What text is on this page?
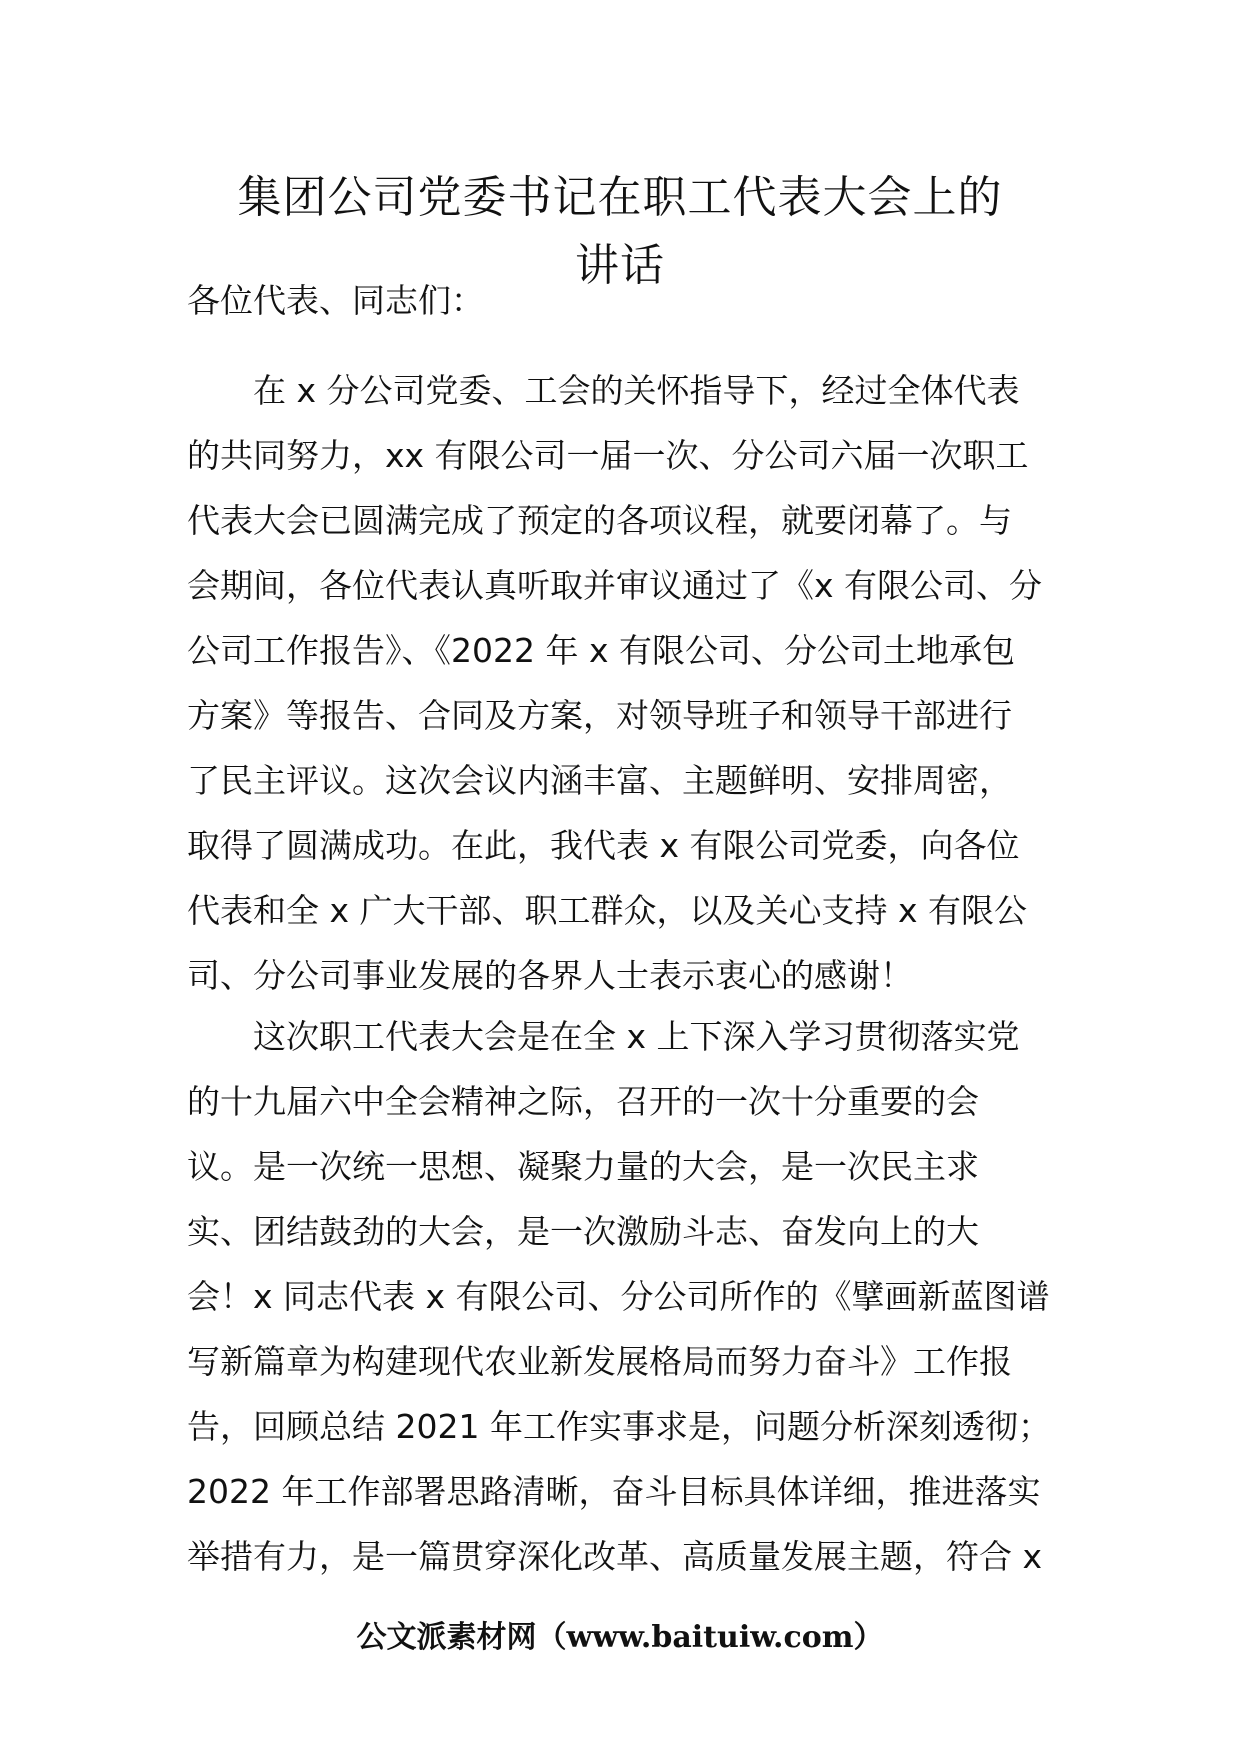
集团公司党委书记在职工代表大会上的
讲话
各位代表、同志们：
在 x 分公司党委、工会的关怀指导下，经过全体代表
的共同努力，xx 有限公司一届一次、分公司六届一次职工
代表大会已圆满完成了预定的各项议程，就要闭幕了。与
会期间，各位代表认真听取并审议通过了《x 有限公司、分
公司工作报告》、《2022 年 x 有限公司、分公司土地承包
方案》等报告、合同及方案，对领导班子和领导干部进行
了民主评议。这次会议内涵丰富、主题鲜明、安排周密，
取得了圆满成功。在此，我代表 x 有限公司党委，向各位
代表和全 x 广大干部、职工群众，以及关心支持 x 有限公
司、分公司事业发展的各界人士表示衷心的感谢！
这次职工代表大会是在全 x 上下深入学习贯彻落实党
的十九届六中全会精神之际，召开的一次十分重要的会
议。是一次统一思想、凝聚力量的大会，是一次民主求
实、团结鼓劲的大会，是一次激励斗志、奋发向上的大
会！x 同志代表 x 有限公司、分公司所作的《擘画新蓝图谱
写新篇章为构建现代农业新发展格局而努力奋斗》工作报
告，回顾总结 2021 年工作实事求是，问题分析深刻透彻；
2022 年工作部署思路清晰，奋斗目标具体详细，推进落实
举措有力，是一篇贯穿深化改革、高质量发展主题，符合 x
公文派素材网（www.baituiw.com）
